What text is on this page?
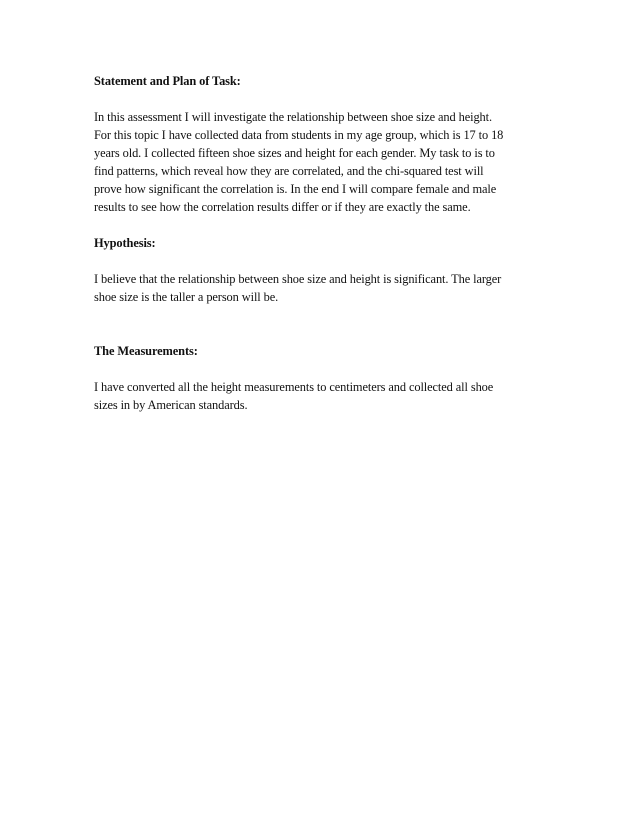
Statement and Plan of Task:

In this assessment I will investigate the relationship between shoe size and height.
For this topic I have collected data from students in my age group, which is 17 to 18
years old. I collected fifteen shoe sizes and height for each gender. My task to is to
find patterns, which reveal how they are correlated, and the chi-squared test will
prove how significant the correlation is. In the end I will compare female and male
results to see how the correlation results differ or if they are exactly the same.

Hypothesis:

I believe that the relationship between shoe size and height is significant. The larger
shoe size is the taller a person will be.

The Measurements:

I have converted all the height measurements to centimeters and collected all shoe
sizes in by American standards.
